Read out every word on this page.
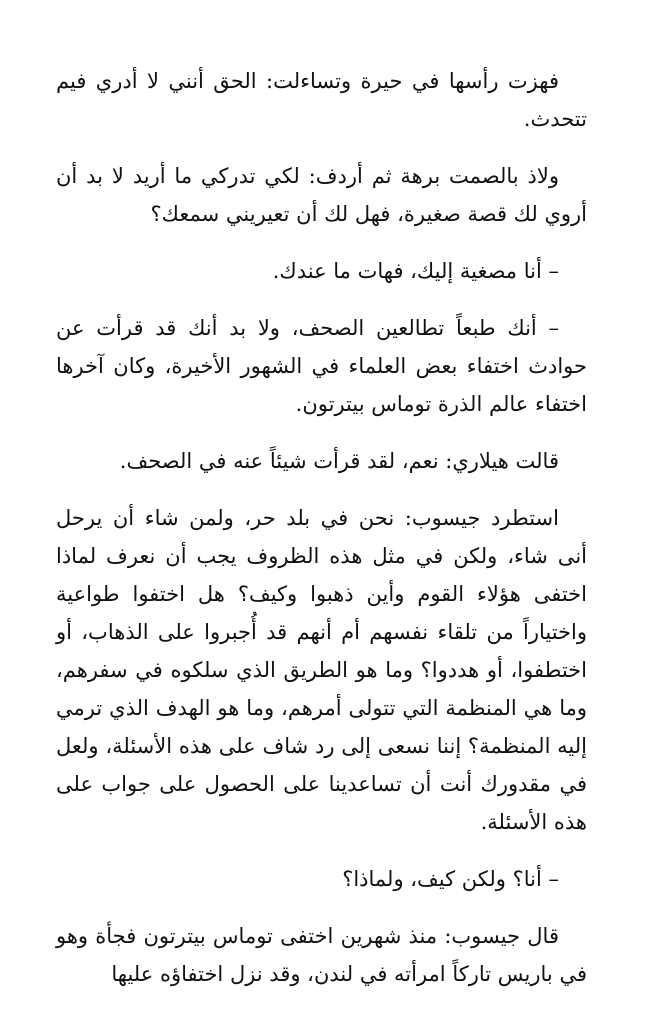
فهزت رأسها في حيرة وتساءلت: الحق أنني لا أدري فيم تتحدث.

ولاذ بالصمت برهة ثم أردف: لكي تدركي ما أريد لا بد أن أروي لك قصة صغيرة، فهل لك أن تعيريني سمعك؟

– أنا مصغية إليك، فهات ما عندك.

– أنك طبعاً تطالعين الصحف، ولا بد أنك قد قرأت عن حوادث اختفاء بعض العلماء في الشهور الأخيرة، وكان آخرها اختفاء عالم الذرة توماس بيترتون.

قالت هيلاري: نعم، لقد قرأت شيئاً عنه في الصحف.

استطرد جيسوب: نحن في بلد حر، ولمن شاء أن يرحل أنى شاء، ولكن في مثل هذه الظروف يجب أن نعرف لماذا اختفى هؤلاء القوم وأين ذهبوا وكيف؟ هل اختفوا طواعية واختياراً من تلقاء نفسهم أم أنهم قد أُجبروا على الذهاب، أو اختطفوا، أو هددوا؟ وما هو الطريق الذي سلكوه في سفرهم، وما هي المنظمة التي تتولى أمرهم، وما هو الهدف الذي ترمي إليه المنظمة؟ إننا نسعى إلى رد شاف على هذه الأسئلة، ولعل في مقدورك أنت أن تساعدينا على الحصول على جواب على هذه الأسئلة.

– أنا؟ ولكن كيف، ولماذا؟

قال جيسوب: منذ شهرين اختفى توماس بيترتون فجأة وهو في باريس تاركاً امرأته في لندن، وقد نزل اختفاؤه عليها
